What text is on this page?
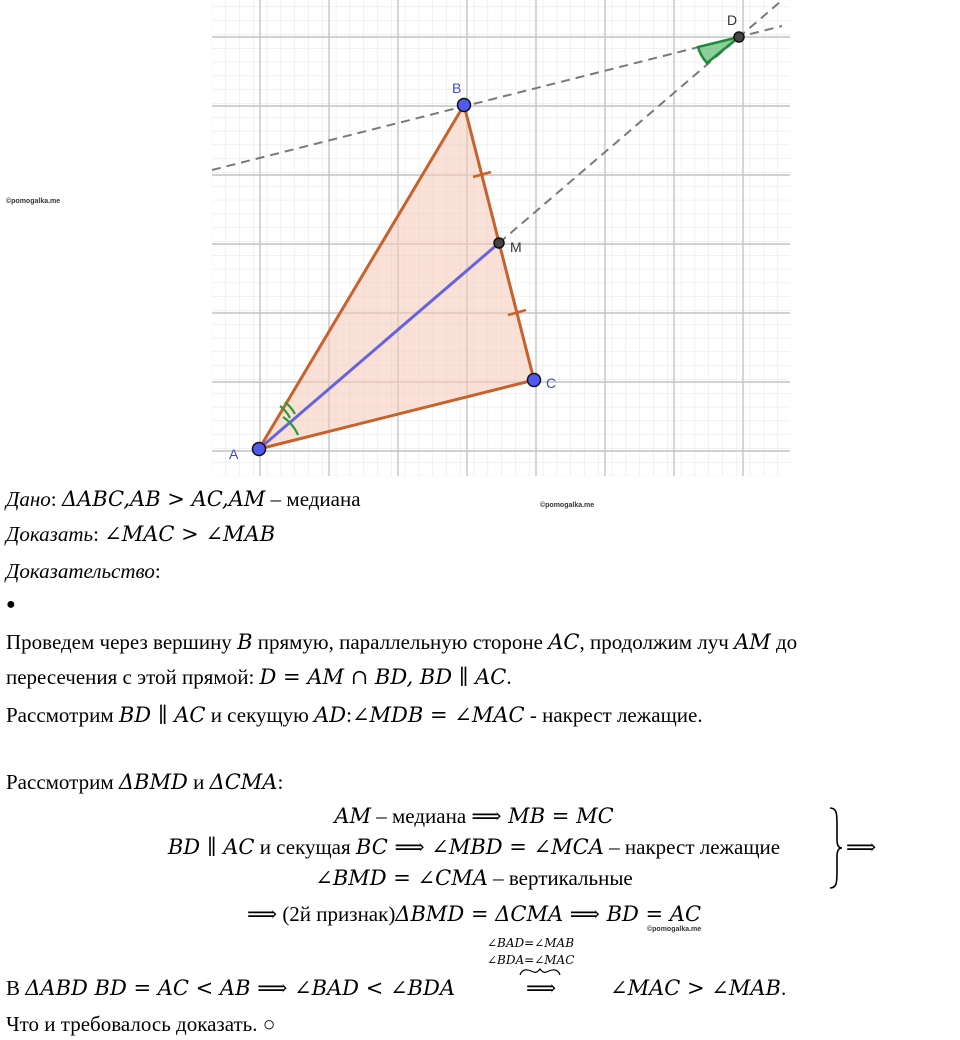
A
B
C
M
D
©pomogalka.me
©pomogalka.me
©pomogalka.me
Дано: ΔABC,AB > AC,AM – медиана
Доказать: ∠MAC > ∠MAB
Доказательство:
●
Проведем через вершину B прямую, параллельную стороне AC, продолжим луч AM до
пересечения с этой прямой: D = AM ∩ BD, BD ∥ AC.
Рассмотрим BD ∥ AC и секущую AD:∠MDB = ∠MAC - накрест лежащие.
Рассмотрим ΔBMD и ΔCMA:
AM – медиана ⟹ MB = MC
BD ∥ AC и секущая BC ⟹ ∠MBD = ∠MCA – накрест лежащие
∠BMD = ∠CMA – вертикальные
⟹
⟹ (2й признак)ΔBMD = ΔCMA ⟹ BD = AC
∠BAD=∠MAB
∠BDA=∠MAC
В ΔABD BD = AC < AB ⟹ ∠BAD < ∠BDA	⟹	∠MAC > ∠MAB.
Что и требовалось доказать. ○
